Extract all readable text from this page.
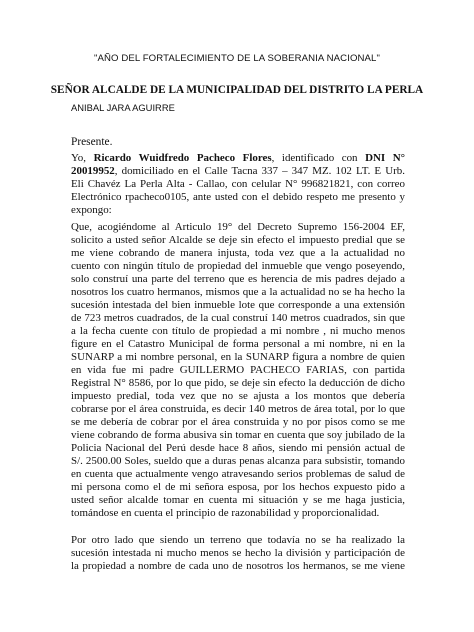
"AÑO DEL FORTALECIMIENTO DE LA SOBERANIA NACIONAL"
SEÑOR ALCALDE DE LA MUNICIPALIDAD DEL DISTRITO LA PERLA
ANIBAL JARA AGUIRRE
Presente.
Yo, Ricardo Wuidfredo Pacheco Flores, identificado con DNI N°
20019952, domiciliado en el Calle Tacna 337 – 347 MZ. 102 LT. E Urb.
Eli Chavéz La Perla Alta - Callao, con celular N° 996821821, con correo
Electrónico rpacheco0105, ante usted con el debido respeto me presento y
expongo:
Que, acogiéndome al Articulo 19° del Decreto Supremo 156-2004 EF,
solicito a usted señor Alcalde se deje sin efecto el impuesto predial que se
me viene cobrando de manera injusta, toda vez que a la actualidad no
cuento con ningún título de propiedad del inmueble que vengo poseyendo,
solo construí una parte del terreno que es herencia de mis padres dejado a
nosotros los cuatro hermanos, mismos que a la actualidad no se ha hecho la
sucesión intestada del bien inmueble lote que corresponde a una extensión
de 723 metros cuadrados, de la cual construí 140 metros cuadrados, sin que
a la fecha cuente con título de propiedad a mi nombre , ni mucho menos
figure en el Catastro Municipal de forma personal a mi nombre, ni en la
SUNARP a mi nombre personal, en la SUNARP figura a nombre de quien
en vida fue mi padre GUILLERMO PACHECO FARIAS, con partida
Registral N° 8586, por lo que pido, se deje sin efecto la deducción de dicho
impuesto predial, toda vez que no se ajusta a los montos que debería
cobrarse por el área construida, es decir 140 metros de área total, por lo que
se me debería de cobrar por el área construida y no por pisos como se me
viene cobrando de forma abusiva sin tomar en cuenta que soy jubilado de la
Policia Nacional del Perú desde hace 8 años, siendo mi pensión actual de
S/. 2500.00 Soles, sueldo que a duras penas alcanza para subsistir, tomando
en cuenta que actualmente vengo atravesando serios problemas de salud de
mi persona como el de mi señora esposa, por los hechos expuesto pido a
usted señor alcalde tomar en cuenta mi situación y se me haga justicia,
tomándose en cuenta el principio de razonabilidad y proporcionalidad.
Por otro lado que siendo un terreno que todavía no se ha realizado la
sucesión intestada ni mucho menos se hecho la división y participación de
la propiedad a nombre de cada uno de nosotros los hermanos, se me viene
